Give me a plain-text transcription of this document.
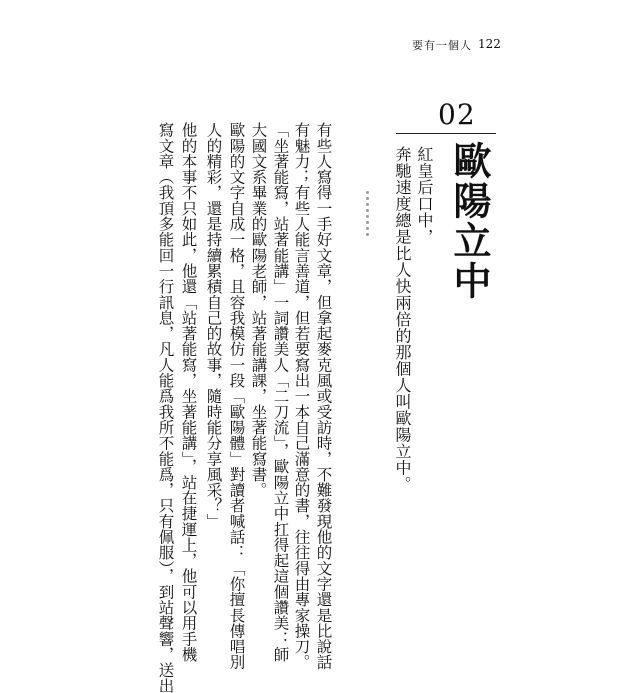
要有一個人 122
02
歐陽立中
紅皇后口中，
奔馳速度總是比人快兩倍的那個人叫歐陽立中。
有些人寫得一手好文章，但拿起麥克風或受訪時，不難發現他的文字還是比說話
有魅力；有些人能言善道，但若要寫出一本自己滿意的書，往往得由專家操刀。
「坐著能寫，站著能講」一詞讚美人「二刀流」，歐陽立中扛得起這個讚美：師
大國文系畢業的歐陽老師，站著能講課，坐著能寫書。
歐陽的文字自成一格，且容我模仿一段「歐陽體」對讀者喊話：「你擅長傳唱別
人的精彩，還是持續累積自己的故事，隨時能分享風采？」
他的本事不只如此，他還「站著能寫，坐著能講」，站在捷運上，他可以用手機
寫文章（我頂多能回一行訊息，凡人能爲我所不能爲，只有佩服），到站聲響，送出
